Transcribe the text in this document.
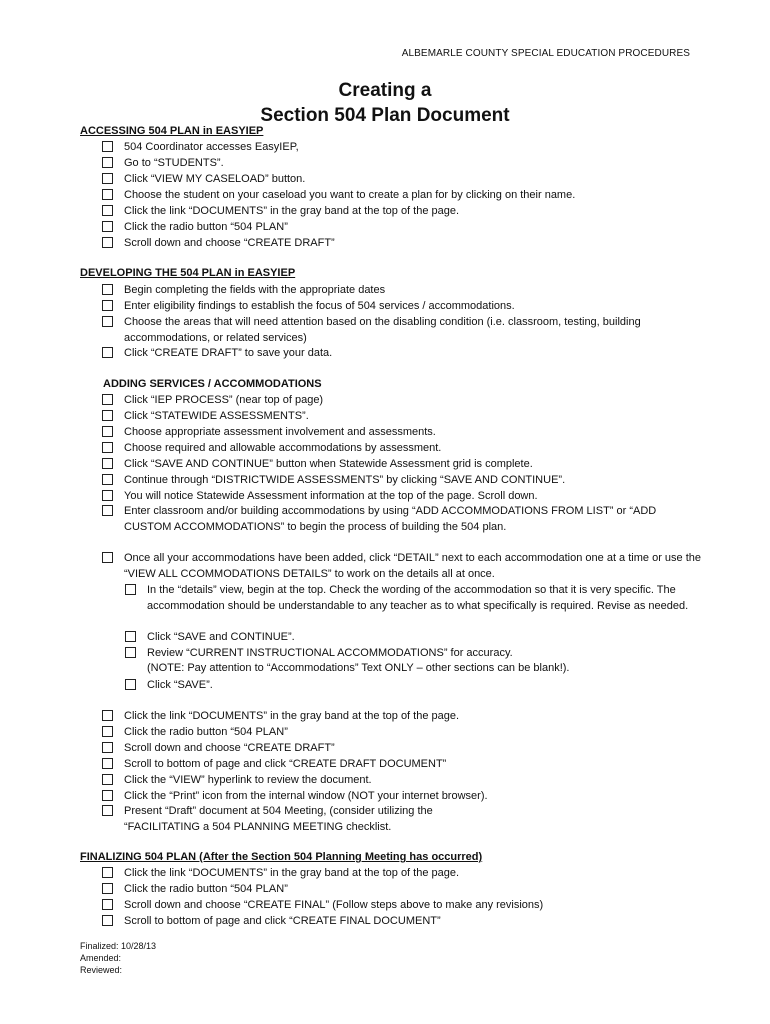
ALBEMARLE COUNTY SPECIAL EDUCATION PROCEDURES
Creating a
Section 504 Plan Document
ACCESSING 504 PLAN in EASYIEP
504 Coordinator accesses EasyIEP,
Go to “STUDENTS”.
Click “VIEW MY CASELOAD” button.
Choose the student on your caseload you want to create a plan for by clicking on their name.
Click the link “DOCUMENTS” in the gray band at the top of the page.
Click the radio button “504 PLAN”
Scroll down and choose “CREATE DRAFT”
DEVELOPING THE 504 PLAN in EASYIEP
Begin completing the fields with the appropriate dates
Enter eligibility findings to establish the focus of 504 services / accommodations.
Choose the areas that will need attention based on the disabling condition (i.e. classroom, testing, building accommodations, or related services)
Click “CREATE DRAFT” to save your data.
ADDING SERVICES / ACCOMMODATIONS
Click “IEP PROCESS” (near top of page)
Click “STATEWIDE ASSESSMENTS”.
Choose appropriate assessment involvement and assessments.
Choose required and allowable accommodations by assessment.
Click “SAVE AND CONTINUE” button when Statewide Assessment grid is complete.
Continue through “DISTRICTWIDE ASSESSMENTS” by clicking “SAVE AND CONTINUE”.
You will notice Statewide Assessment information at the top of the page. Scroll down.
Enter classroom and/or building accommodations by using “ADD ACCOMMODATIONS FROM LIST” or “ADD CUSTOM ACCOMMODATIONS” to begin the process of building the 504 plan.
Once all your accommodations have been added, click “DETAIL” next to each accommodation one at a time or use the “VIEW ALL CCOMMODATIONS DETAILS” to work on the details all at once.
In the “details” view, begin at the top. Check the wording of the accommodation so that it is very specific. The accommodation should be understandable to any teacher as to what specifically is required. Revise as needed.
Click “SAVE and CONTINUE”.
Review “CURRENT INSTRUCTIONAL ACCOMMODATIONS” for accuracy.
(NOTE: Pay attention to “Accommodations” Text ONLY – other sections can be blank!).
Click “SAVE”.
Click the link “DOCUMENTS” in the gray band at the top of the page.
Click the radio button “504 PLAN”
Scroll down and choose “CREATE DRAFT”
Scroll to bottom of page and click “CREATE DRAFT DOCUMENT”
Click the “VIEW” hyperlink to review the document.
Click the “Print” icon from the internal window (NOT your internet browser).
Present “Draft” document at 504 Meeting, (consider utilizing the “FACILITATING a 504 PLANNING MEETING checklist.
FINALIZING 504 PLAN (After the Section 504 Planning Meeting has occurred)
Click the link “DOCUMENTS” in the gray band at the top of the page.
Click the radio button “504 PLAN”
Scroll down and choose “CREATE FINAL” (Follow steps above to make any revisions)
Scroll to bottom of page and click “CREATE FINAL DOCUMENT”
Finalized: 10/28/13
Amended:
Reviewed:
